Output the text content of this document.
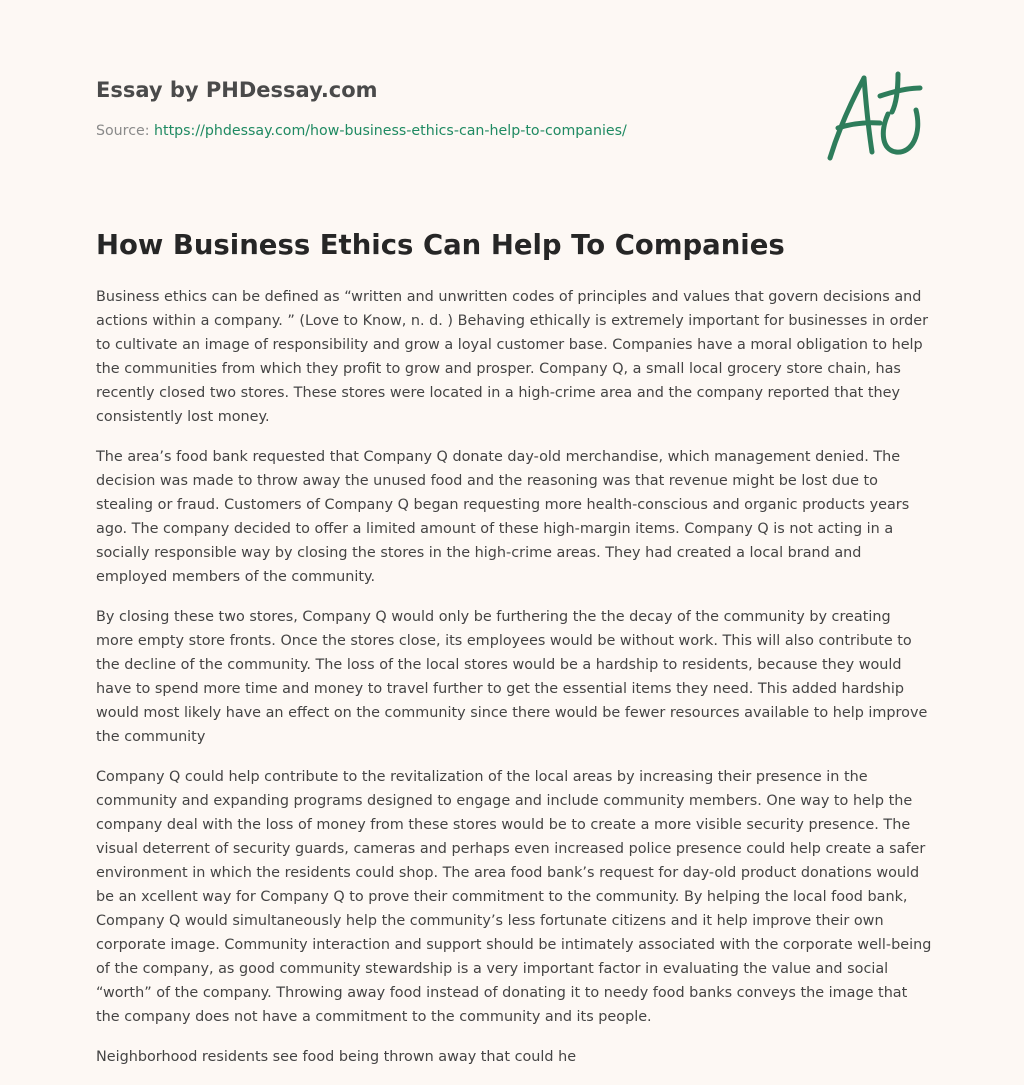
Essay by PHDessay.com
Source: https://phdessay.com/how-business-ethics-can-help-to-companies/
How Business Ethics Can Help To Companies

Business ethics can be defined as “written and unwritten codes of principles and values that govern decisions and actions within a company. ” (Love to Know, n. d. ) Behaving ethically is extremely important for businesses in order to cultivate an image of responsibility and grow a loyal customer base. Companies have a moral obligation to help the communities from which they profit to grow and prosper. Company Q, a small local grocery store chain, has recently closed two stores. These stores were located in a high-crime area and the company reported that they consistently lost money.

The area’s food bank requested that Company Q donate day-old merchandise, which management denied. The decision was made to throw away the unused food and the reasoning was that revenue might be lost due to stealing or fraud. Customers of Company Q began requesting more health-conscious and organic products years ago. The company decided to offer a limited amount of these high-margin items. Company Q is not acting in a socially responsible way by closing the stores in the high-crime areas. They had created a local brand and employed members of the community.

By closing these two stores, Company Q would only be furthering the the decay of the community by creating more empty store fronts. Once the stores close, its employees would be without work. This will also contribute to the decline of the community. The loss of the local stores would be a hardship to residents, because they would have to spend more time and money to travel further to get the essential items they need. This added hardship would most likely have an effect on the community since there would be fewer resources available to help improve the community

Company Q could help contribute to the revitalization of the local areas by increasing their presence in the community and expanding programs designed to engage and include community members. One way to help the company deal with the loss of money from these stores would be to create a more visible security presence. The visual deterrent of security guards, cameras and perhaps even increased police presence could help create a safer environment in which the residents could shop. The area food bank’s request for day-old product donations would be an xcellent way for Company Q to prove their commitment to the community. By helping the local food bank, Company Q would simultaneously help the community’s less fortunate citizens and it help improve their own corporate image. Community interaction and support should be intimately associated with the corporate well-being of the company, as good community stewardship is a very important factor in evaluating the value and social “worth” of the company. Throwing away food instead of donating it to needy food banks conveys the image that the company does not have a commitment to the community and its people.

Neighborhood residents see food being thrown away that could he
